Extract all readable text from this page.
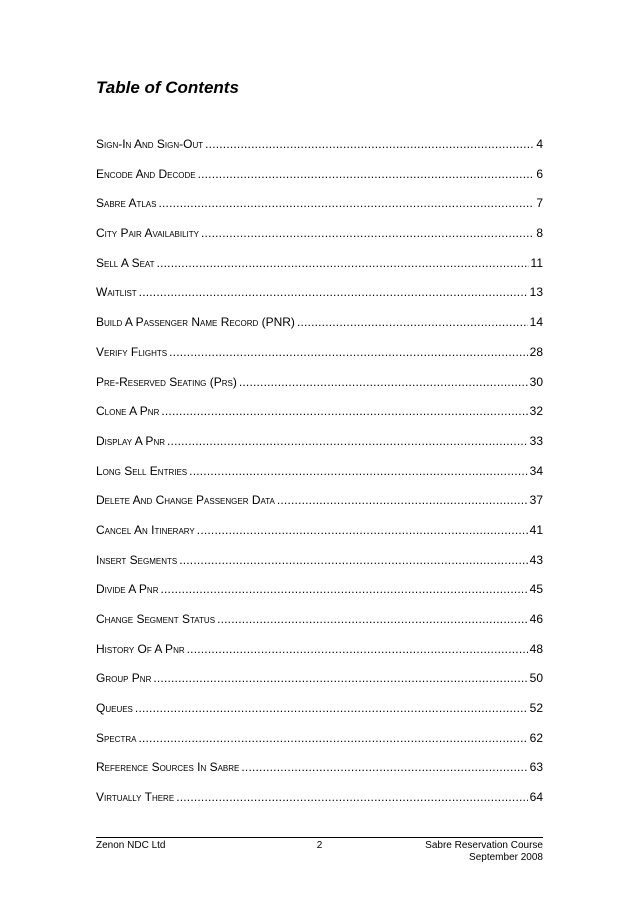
Table of Contents
Sign-In And Sign-Out .....	4
Encode And Decode .....	6
Sabre Atlas .....	7
City Pair Availability .....	8
Sell A Seat .....	11
Waitlist .....	13
Build A Passenger Name Record (PNR) .....	14
Verify Flights .....	28
Pre-Reserved Seating (Prs) .....	30
Clone A Pnr .....	32
Display A Pnr .....	33
Long Sell Entries .....	34
Delete And Change Passenger Data .....	37
Cancel An Itinerary .....	41
Insert Segments .....	43
Divide A Pnr .....	45
Change Segment Status .....	46
History Of A Pnr .....	48
Group Pnr .....	50
Queues .....	52
Spectra .....	62
Reference Sources In Sabre .....	63
Virtually There .....	64
Zenon NDC Ltd	2	Sabre Reservation Course
September 2008
